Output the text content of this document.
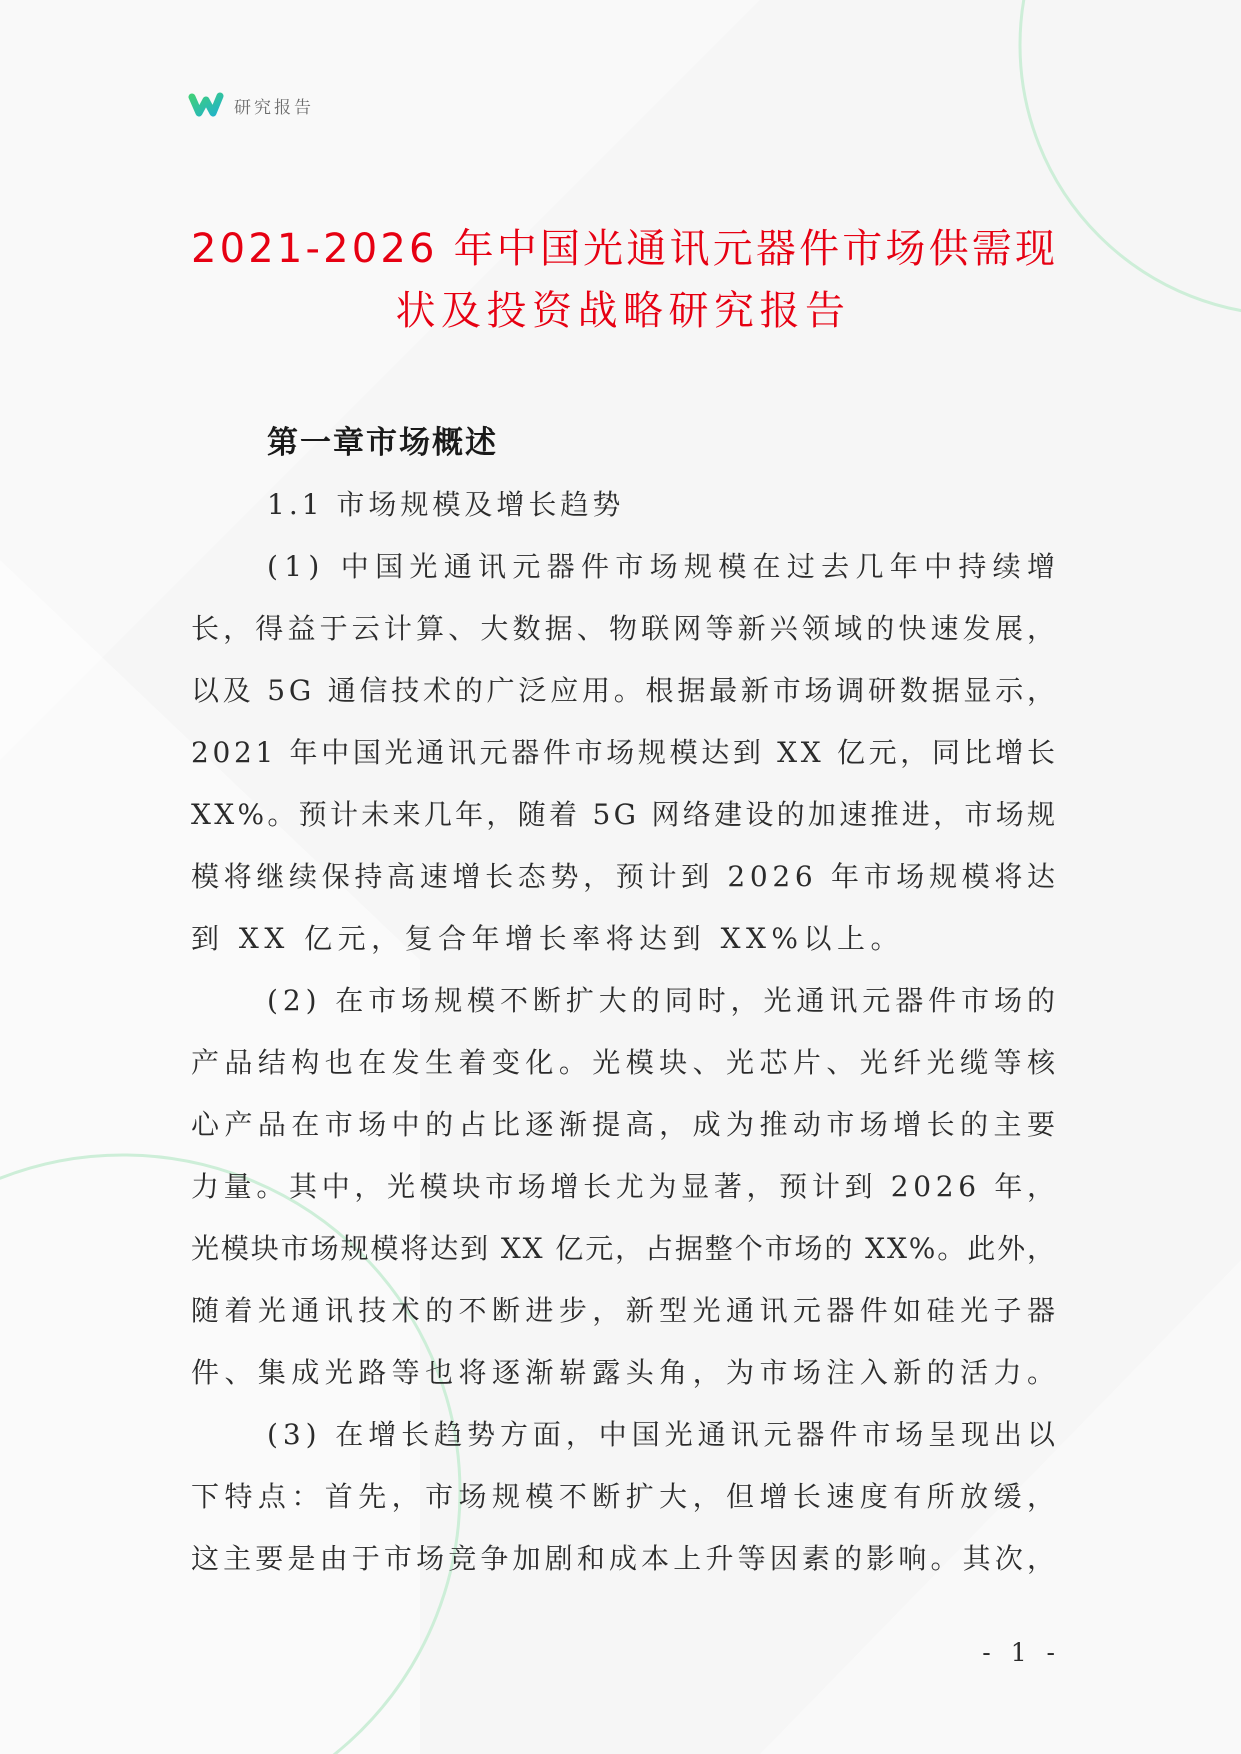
研究报告
2021-2026 年中国光通讯元器件市场供需现
状及投资战略研究报告
第一章市场概述
1.1 市场规模及增长趋势
(1) 中国光通讯元器件市场规模在过去几年中持续增
长，得益于云计算、大数据、物联网等新兴领域的快速发展，
以及 5G 通信技术的广泛应用。根据最新市场调研数据显示，
2021 年中国光通讯元器件市场规模达到 XX 亿元，同比增长
XX%。预计未来几年，随着 5G 网络建设的加速推进，市场规
模将继续保持高速增长态势，预计到 2026 年市场规模将达
到 XX 亿元，复合年增长率将达到 XX%以上。
(2) 在市场规模不断扩大的同时，光通讯元器件市场的
产品结构也在发生着变化。光模块、光芯片、光纤光缆等核
心产品在市场中的占比逐渐提高，成为推动市场增长的主要
力量。其中，光模块市场增长尤为显著，预计到 2026 年，
光模块市场规模将达到 XX 亿元，占据整个市场的 XX%。此外，
随着光通讯技术的不断进步，新型光通讯元器件如硅光子器
件、集成光路等也将逐渐崭露头角，为市场注入新的活力。
(3) 在增长趋势方面，中国光通讯元器件市场呈现出以
下特点：首先，市场规模不断扩大，但增长速度有所放缓，
这主要是由于市场竞争加剧和成本上升等因素的影响。其次，
- 1 -
